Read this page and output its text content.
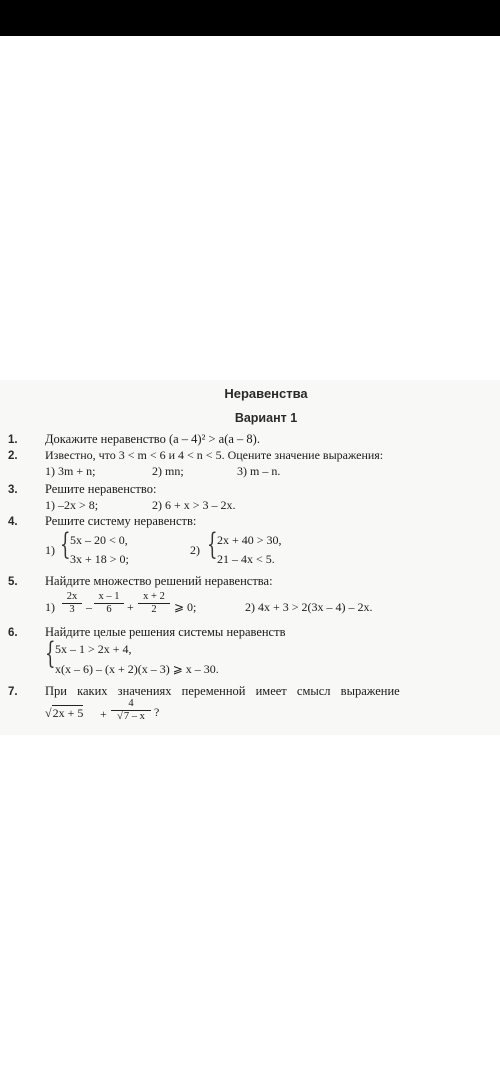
Неравенства
Вариант 1
1.	Докажите неравенство (a – 4)² > a(a – 8).
2.	Известно, что 3 < m < 6 и 4 < n < 5. Оцените значение выражения:
1) 3m + n;	2) mn;	3) m – n.
3.	Решите неравенство:
1) –2x > 8;	2) 6 + x > 3 – 2x.
4.	Решите систему неравенств:
1) { 5x – 20 < 0,
3x + 18 > 0;
2) { 2x + 40 > 30,
21 – 4x < 5.
5.	Найдите множество решений неравенства:
$1) \frac{2x}{3} - \frac{x - 1}{6} + \frac{x + 2}{2}$ ⩾ 0;	2) 4x + 3 > 2(3x – 4) – 2x.
6.	Найдите целые решения системы неравенств
{ 5x – 1 > 2x + 4,
x(x – 6) – (x + 2)(x – 3) ⩾ x – 30.
7.	При каких значениях переменной имеет смысл выражение
$√2x + 5 + \frac{4}{√7 - x}$ ?
